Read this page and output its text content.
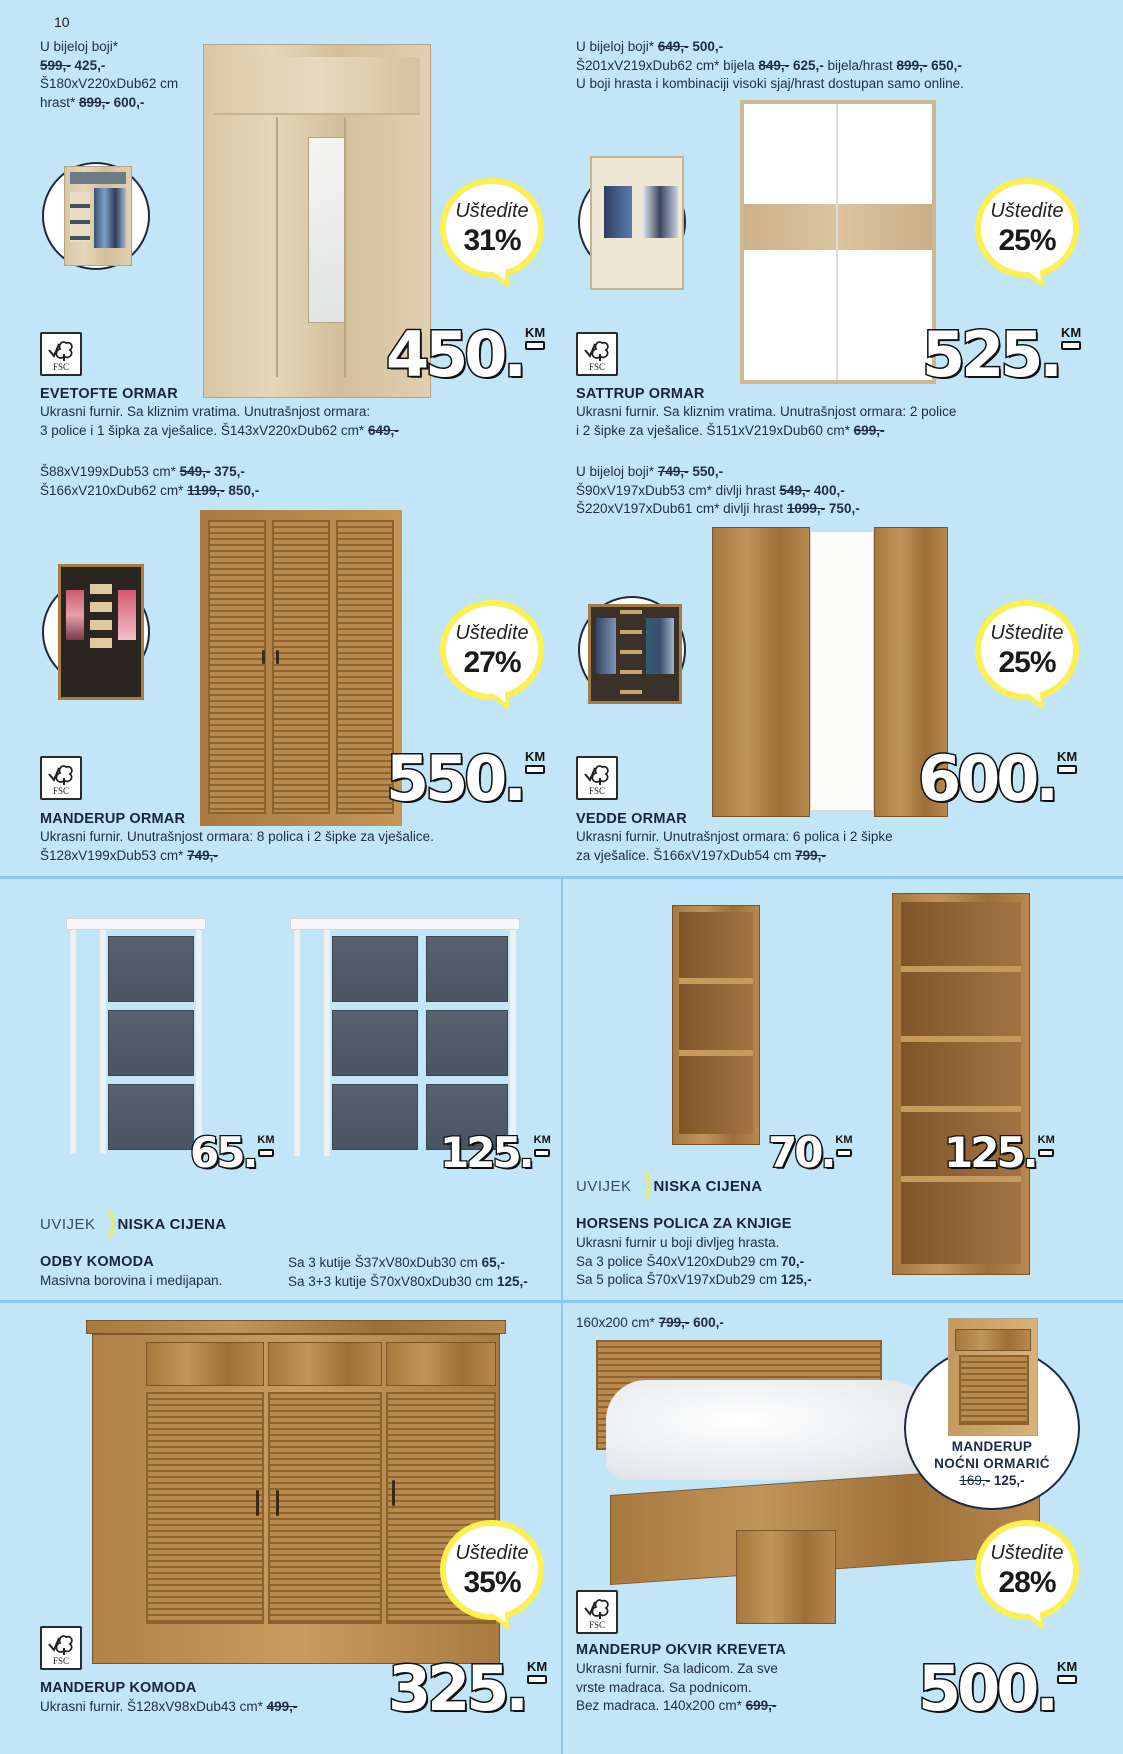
10
U bijeloj boji*
599,- 425,-
Š180xV220xDub62 cm
hrast* 899,- 600,-
Uštedite
31%
450. KM
FSC
EVETOFTE ORMAR
Ukrasni furnir. Sa kliznim vratima. Unutrašnjost ormara:
3 police i 1 šipka za vješalice. Š143xV220xDub62 cm* 649,-
U bijeloj boji* 649,- 500,-
Š201xV219xDub62 cm* bijela 849,- 625,- bijela/hrast 899,- 650,-
U boji hrasta i kombinaciji visoki sjaj/hrast dostupan samo online.
Uštedite
25%
525. KM
FSC
SATTRUP ORMAR
Ukrasni furnir. Sa kliznim vratima. Unutrašnjost ormara: 2 police
i 2 šipke za vješalice. Š151xV219xDub60 cm* 699,-
Š88xV199xDub53 cm* 549,- 375,-
Š166xV210xDub62 cm* 1199,- 850,-
Uštedite
27%
550. KM
FSC
MANDERUP ORMAR
Ukrasni furnir. Unutrašnjost ormara: 8 polica i 2 šipke za vješalice.
Š128xV199xDub53 cm* 749,-
U bijeloj boji* 749,- 550,-
Š90xV197xDub53 cm* divlji hrast 549,- 400,-
Š220xV197xDub61 cm* divlji hrast 1099,- 750,-
Uštedite
25%
600. KM
FSC
VEDDE ORMAR
Ukrasni furnir. Unutrašnjost ormara: 6 polica i 2 šipke
za vješalice. Š166xV197xDub54 cm 799,-
65. KM	125. KM
UVIJEK NISKA CIJENA
ODBY KOMODA
Masivna borovina i medijapan.
Sa 3 kutije Š37xV80xDub30 cm 65,-
Sa 3+3 kutije Š70xV80xDub30 cm 125,-
70. KM 125. KM
UVIJEK NISKA CIJENA
HORSENS POLICA ZA KNJIGE
Ukrasni furnir u boji divljeg hrasta.
Sa 3 police Š40xV120xDub29 cm 70,-
Sa 5 polica Š70xV197xDub29 cm 125,-
Uštedite
35%
325. KM
FSC
MANDERUP KOMODA
Ukrasni furnir. Š128xV98xDub43 cm* 499,-
160x200 cm* 799,- 600,-
MANDERUP
NOĆNI ORMARIĆ
169,- 125,-
Uštedite
28%
500. KM
FSC
MANDERUP OKVIR KREVETA
Ukrasni furnir. Sa ladicom. Za sve
vrste madraca. Sa podnicom.
Bez madraca. 140x200 cm* 699,-
